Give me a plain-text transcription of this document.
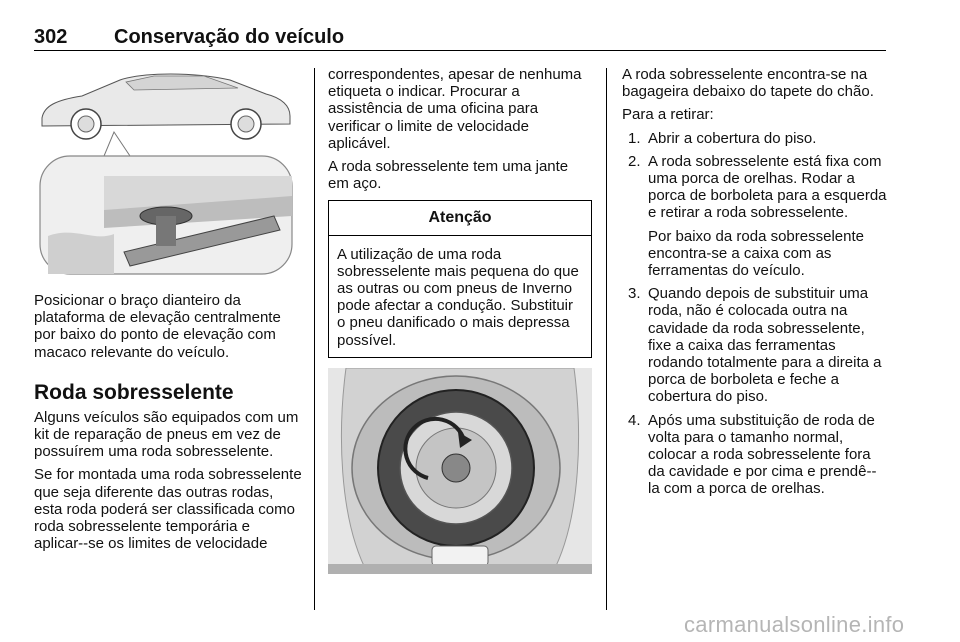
302 Conservação do veículo

Posicionar o braço dianteiro da plataforma de elevação centralmente por baixo do ponto de elevação com macaco relevante do veículo.

Roda sobresselente

Alguns veículos são equipados com um kit de reparação de pneus em vez de possuírem uma roda sobresselente.

Se for montada uma roda sobresselente que seja diferente das outras rodas, esta roda poderá ser classificada como roda sobresselente temporária e aplicar--se os limites de velocidade

correspondentes, apesar de nenhuma etiqueta o indicar. Procurar a assistência de uma oficina para verificar o limite de velocidade aplicável.

A roda sobresselente tem uma jante em aço.

Atenção
A utilização de uma roda sobresselente mais pequena do que as outras ou com pneus de Inverno pode afectar a condução. Substituir o pneu danificado o mais depressa possível.

A roda sobresselente encontra-se na bagageira debaixo do tapete do chão.

Para a retirar:

1. Abrir a cobertura do piso.
2. A roda sobresselente está fixa com uma porca de orelhas. Rodar a porca de borboleta para a esquerda e retirar a roda sobresselente.
Por baixo da roda sobresselente encontra-se a caixa com as ferramentas do veículo.
3. Quando depois de substituir uma roda, não é colocada outra na cavidade da roda sobresselente, fixe a caixa das ferramentas rodando totalmente para a direita a porca de borboleta e feche a cobertura do piso.
4. Após uma substituição de roda de volta para o tamanho normal, colocar a roda sobresselente fora da cavidade e por cima e prendê--la com a porca de orelhas.
carmanualsonline.info
